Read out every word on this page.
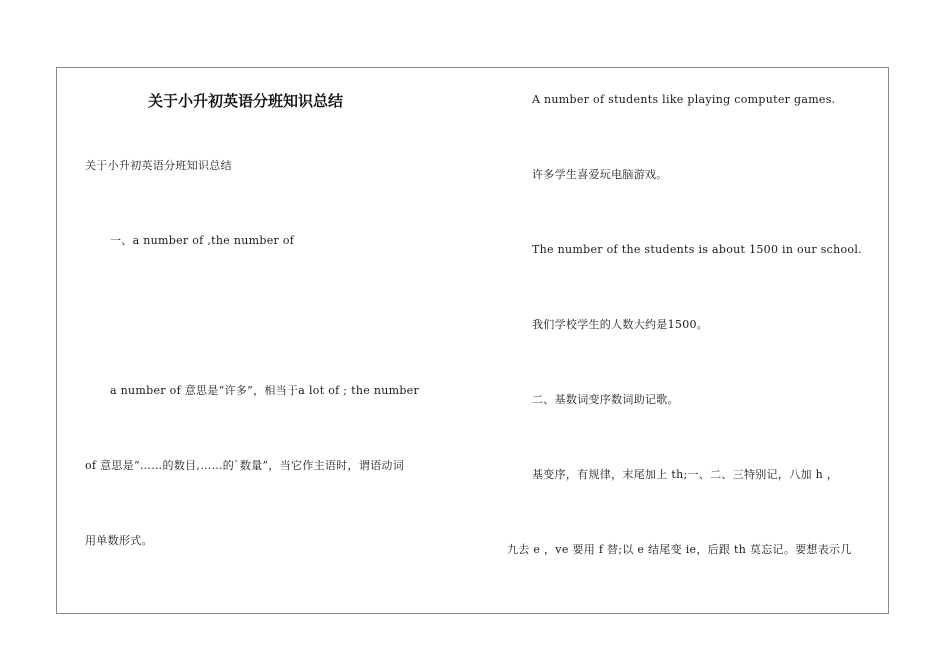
关于小升初英语分班知识总结
关于小升初英语分班知识总结
一、a number of ,the number of
a number of 意思是“许多”，相当于a lot of ; the number
of 意思是“……的数目,……的`数量”，当它作主语时，谓语动词
用单数形式。
A number of students like playing computer games.
许多学生喜爱玩电脑游戏。
The number of the students is about 1500 in our school.
我们学校学生的人数大约是1500。
二、基数词变序数词助记歌。
基变序，有规律，末尾加上 th;一、二、三特别记，八加 h ，
九去 e ，ve 要用 f 替;以 e 结尾变 ie，后跟 th 莫忘记。要想表示几
